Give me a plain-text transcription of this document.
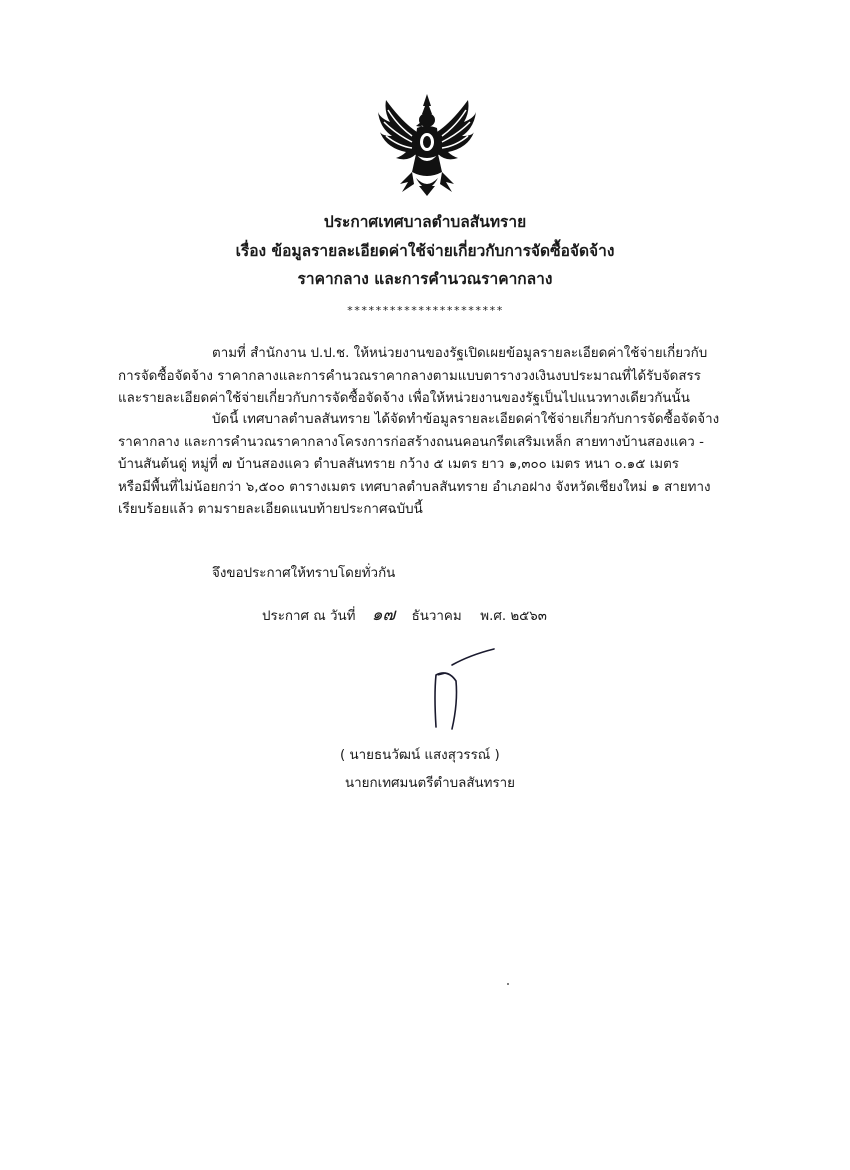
ประกาศเทศบาลตำบลสันทราย
เรื่อง ข้อมูลรายละเอียดค่าใช้จ่ายเกี่ยวกับการจัดซื้อจัดจ้าง
ราคากลาง และการคำนวณราคากลาง
**********************
ตามที่ สำนักงาน ป.ป.ช. ให้หน่วยงานของรัฐเปิดเผยข้อมูลรายละเอียดค่าใช้จ่ายเกี่ยวกับ
การจัดซื้อจัดจ้าง ราคากลางและการคำนวณราคากลางตามแบบตารางวงเงินงบประมาณที่ได้รับจัดสรร
และรายละเอียดค่าใช้จ่ายเกี่ยวกับการจัดซื้อจัดจ้าง เพื่อให้หน่วยงานของรัฐเป็นไปแนวทางเดียวกันนั้น
บัดนี้ เทศบาลตำบลสันทราย ได้จัดทำข้อมูลรายละเอียดค่าใช้จ่ายเกี่ยวกับการจัดซื้อจัดจ้าง
ราคากลาง และการคำนวณราคากลางโครงการก่อสร้างถนนคอนกรีตเสริมเหล็ก สายทางบ้านสองแคว -
บ้านสันต้นดู่ หมู่ที่ ๗ บ้านสองแคว ตำบลสันทราย กว้าง ๕ เมตร ยาว ๑,๓๐๐ เมตร หนา ๐.๑๕ เมตร
หรือมีพื้นที่ไม่น้อยกว่า ๖,๕๐๐ ตารางเมตร เทศบาลตำบลสันทราย อำเภอฝาง จังหวัดเชียงใหม่ ๑ สายทาง
เรียบร้อยแล้ว ตามรายละเอียดแนบท้ายประกาศฉบับนี้
จึงขอประกาศให้ทราบโดยทั่วกัน
ประกาศ ณ วันที่ ๑๗ ธันวาคม พ.ศ. ๒๕๖๓
( นายธนวัฒน์ แสงสุวรรณ์ )
นายกเทศมนตรีตำบลสันทราย
